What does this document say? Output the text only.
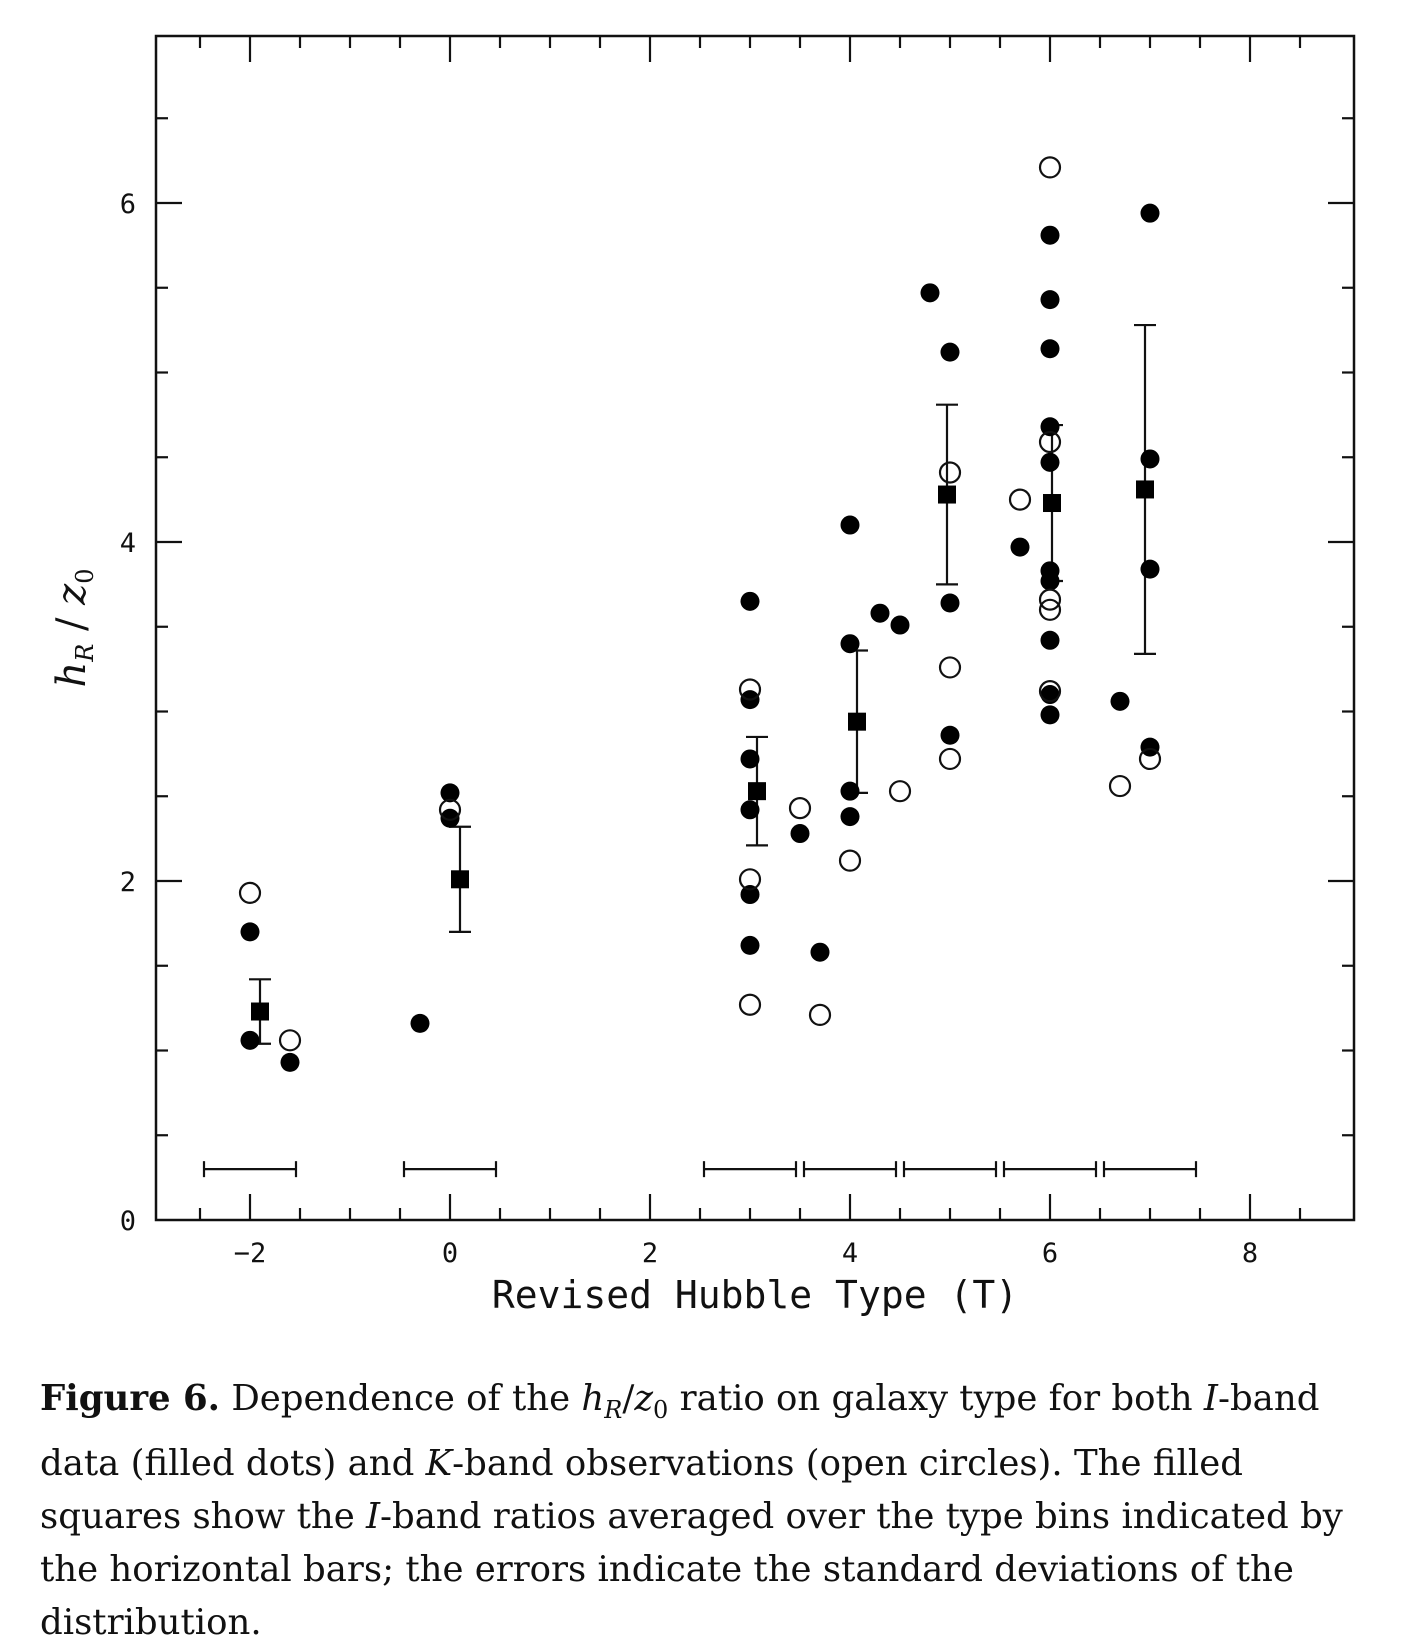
−2	0	2	4	6	8
0
2
4
6
Revised Hubble Type (T)
$h_R / z_0$

Figure 6. Dependence of the $h_R/z_0$ ratio on galaxy type for both I-band data (filled dots) and K-band observations (open circles). The filled squares show the I-band ratios averaged over the type bins indicated by the horizontal bars; the errors indicate the standard deviations of the distribution.
